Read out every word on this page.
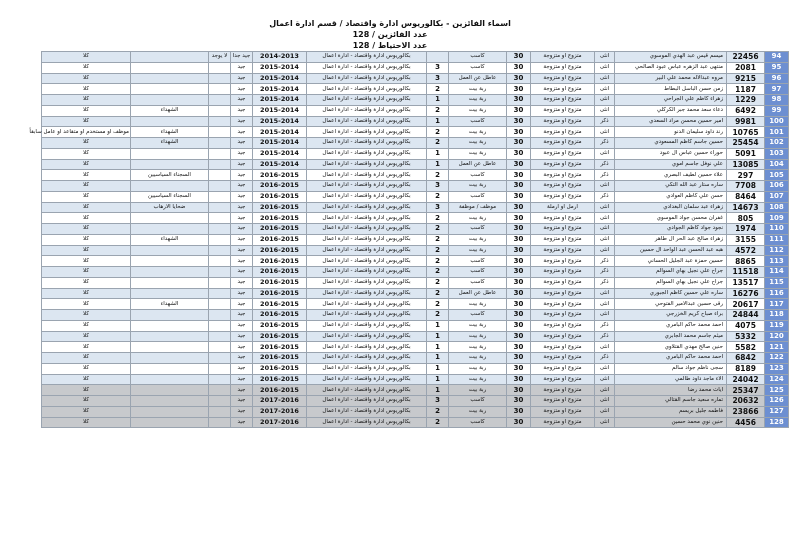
اسماء الفائزين - بكالوريوس ادارة واقتصاد / قسم ادارة اعمال
عدد الفائزين / 128
عدد الاحتياط / 128
94	22456	ميسم قيس عبد الهدي الموسوي	انثى	متزوج او متزوجة	30	كاسب		بكالوريوس ادارة واقتصاد - ادارة اعمال	2014-2013	جيد جدا	لا يوجد		كلا
95	2081	منتهى عبد الزهره عباس عبود الصالحي	انثى	متزوج او متزوجة	30	كاسب	3	بكالوريوس ادارة واقتصاد - ادارة اعمال	2015-2014	جيد			كلا
96	9215	مروه عبدالاله محمد علي البير	انثى	متزوج او متزوجة	30	عاطل عن العمل	3	بكالوريوس ادارة واقتصاد - ادارة اعمال	2015-2014	جيد			كلا
97	1187	زمن حسن الباسل البطاط	انثى	متزوج او متزوجة	30	ربة بيت	2	بكالوريوس ادارة واقتصاد - ادارة اعمال	2015-2014	جيد			كلا
98	1229	زهراء كاظم علي الجراحي	انثى	متزوج او متزوجة	30	ربة بيت	1	بكالوريوس ادارة واقتصاد - ادارة اعمال	2015-2014	جيد			كلا
99	6492	دعاء سعد محمد جبر الكركلي	انثى	متزوج او متزوجة	30	ربة بيت	2	بكالوريوس ادارة واقتصاد - ادارة اعمال	2015-2014	جيد		الشهداء	كلا
100	9981	امير حسين محسن مراد السعدي	ذكر	متزوج او متزوجة	30	كاسب	1	بكالوريوس ادارة واقتصاد - ادارة اعمال	2015-2014	جيد			كلا
101	10765	رند داود سليمان الدنو	انثى	متزوج او متزوجة	30	ربة بيت	2	بكالوريوس ادارة واقتصاد - ادارة اعمال	2015-2014	جيد		الشهداء	موظف او مستخدم او متقاعد او عامل سابقاً
102	25454	حسين جاسم كاظم المسعودي	ذكر	متزوج او متزوجة	30	ربة بيت	2	بكالوريوس ادارة واقتصاد - ادارة اعمال	2015-2014	جيد		الشهداء	كلا
103	5091	حوراء حسين عباس ال عبود	انثى	متزوج او متزوجة	30	ربة بيت	1	بكالوريوس ادارة واقتصاد - ادارة اعمال	2015-2014	جيد			كلا
104	13085	علي نوفل جاسم اموي	ذكر	متزوج او متزوجة	30	عاطل عن العمل	1	بكالوريوس ادارة واقتصاد - ادارة اعمال	2015-2014	جيد			كلا
105	297	علاء حسين لطيف البصري	ذكر	متزوج او متزوجة	30	كاسب	2	بكالوريوس ادارة واقتصاد - ادارة اعمال	2016-2015	جيد		السجناء السياسيين	كلا
106	7708	ساره ستار عبد الله التكي	انثى	متزوج او متزوجة	30	ربة بيت	3	بكالوريوس ادارة واقتصاد - ادارة اعمال	2016-2015	جيد			كلا
107	8464	حسن علي كاظم العوادي	ذكر	متزوج او متزوجة	30	كاسب	2	بكالوريوس ادارة واقتصاد - ادارة اعمال	2016-2015	جيد		السجناء السياسيين	كلا
108	14673	زهراء عبد سلمان البغدادي	انثى	ارمل او ارملة	30	موظف / موظفة	3	بكالوريوس ادارة واقتصاد - ادارة اعمال	2016-2015	جيد		ضحايا الارهاب	كلا
109	805	غفران محسن جواد الموسوي	انثى	متزوج او متزوجة	30	ربة بيت	2	بكالوريوس ادارة واقتصاد - ادارة اعمال	2016-2015	جيد			كلا
110	1974	نجود جواد كاظم الجوادي	انثى	متزوج او متزوجة	30	كاسب	2	بكالوريوس ادارة واقتصاد - ادارة اعمال	2016-2015	جيد			كلا
111	3155	زهراء صالح عبد الحر ال طاهر	انثى	متزوج او متزوجة	30	ربة بيت	2	بكالوريوس ادارة واقتصاد - ادارة اعمال	2016-2015	جيد		الشهداء	كلا
112	4572	هبه عبد الحسن عبد الواحد ال حسين	انثى	متزوج او متزوجة	30	ربة بيت	2	بكالوريوس ادارة واقتصاد - ادارة اعمال	2016-2015	جيد			كلا
113	8865	حسين حمزة عبد الجليل الحساني	ذكر	متزوج او متزوجة	30	كاسب	2	بكالوريوس ادارة واقتصاد - ادارة اعمال	2016-2015	جيد			كلا
114	11518	جراح علي نجيل بهاي السوالم	ذكر	متزوج او متزوجة	30	كاسب	2	بكالوريوس ادارة واقتصاد - ادارة اعمال	2016-2015	جيد			كلا
115	13517	جراح علي نجيل بهاي السوالم	ذكر	متزوج او متزوجة	30	كاسب	2	بكالوريوس ادارة واقتصاد - ادارة اعمال	2016-2015	جيد			كلا
116	16276	ساره علي حسين كاظم الجبوري	انثى	متزوج او متزوجة	30	عاطل عن العمل	2	بكالوريوس ادارة واقتصاد - ادارة اعمال	2016-2015	جيد			كلا
117	20617	رقى حسين عبدالامير الفتوحي	انثى	متزوج او متزوجة	30	ربة بيت	2	بكالوريوس ادارة واقتصاد - ادارة اعمال	2016-2015	جيد		الشهداء	كلا
118	24844	براء صباح كريم الخزرجي	انثى	متزوج او متزوجة	30	كاسب	2	بكالوريوس ادارة واقتصاد - ادارة اعمال	2016-2015	جيد			كلا
119	4075	احمد محمد حاكم البامري	ذكر	متزوج او متزوجة	30	ربة بيت	1	بكالوريوس ادارة واقتصاد - ادارة اعمال	2016-2015	جيد			كلا
120	5332	ميثم جاسم محمد الجابري	ذكر	متزوج او متزوجة	30	ربة بيت	1	بكالوريوس ادارة واقتصاد - ادارة اعمال	2016-2015	جيد			كلا
121	5582	حنين صالح مهدي القتلاوي	انثى	متزوج او متزوجة	30	ربة بيت	1	بكالوريوس ادارة واقتصاد - ادارة اعمال	2016-2015	جيد			كلا
122	6842	احمد محمد حاكم البامري	ذكر	متزوج او متزوجة	30	ربة بيت	1	بكالوريوس ادارة واقتصاد - ادارة اعمال	2016-2015	جيد			كلا
123	8189	سجى ناظم جواد سالم	انثى	متزوج او متزوجة	30	ربة بيت	1	بكالوريوس ادارة واقتصاد - ادارة اعمال	2016-2015	جيد			كلا
124	24042	الاء ماجد داود طالمي	انثى	متزوج او متزوجة	30	ربة بيت	1	بكالوريوس ادارة واقتصاد - ادارة اعمال	2016-2015	جيد			كلا
125	25347	ايات محمد رضا	انثى	متزوج او متزوجة	30	ربة بيت	1	بكالوريوس ادارة واقتصاد - ادارة اعمال	2016-2015	جيد			كلا
126	20632	تماره سعيد جاسم القتالي	انثى	متزوج او متزوجة	30	كاسب	3	بكالوريوس ادارة واقتصاد - ادارة اعمال	2017-2016	جيد			كلا
127	23866	فاطمه جليل بريسم	انثى	متزوج او متزوجة	30	ربة بيت	2	بكالوريوس ادارة واقتصاد - ادارة اعمال	2017-2016	جيد			كلا
128	4456	حنين نوي محمد حسين	انثى	متزوج او متزوجة	30	كاسب	2	بكالوريوس ادارة واقتصاد - ادارة اعمال	2017-2016	جيد			كلا
